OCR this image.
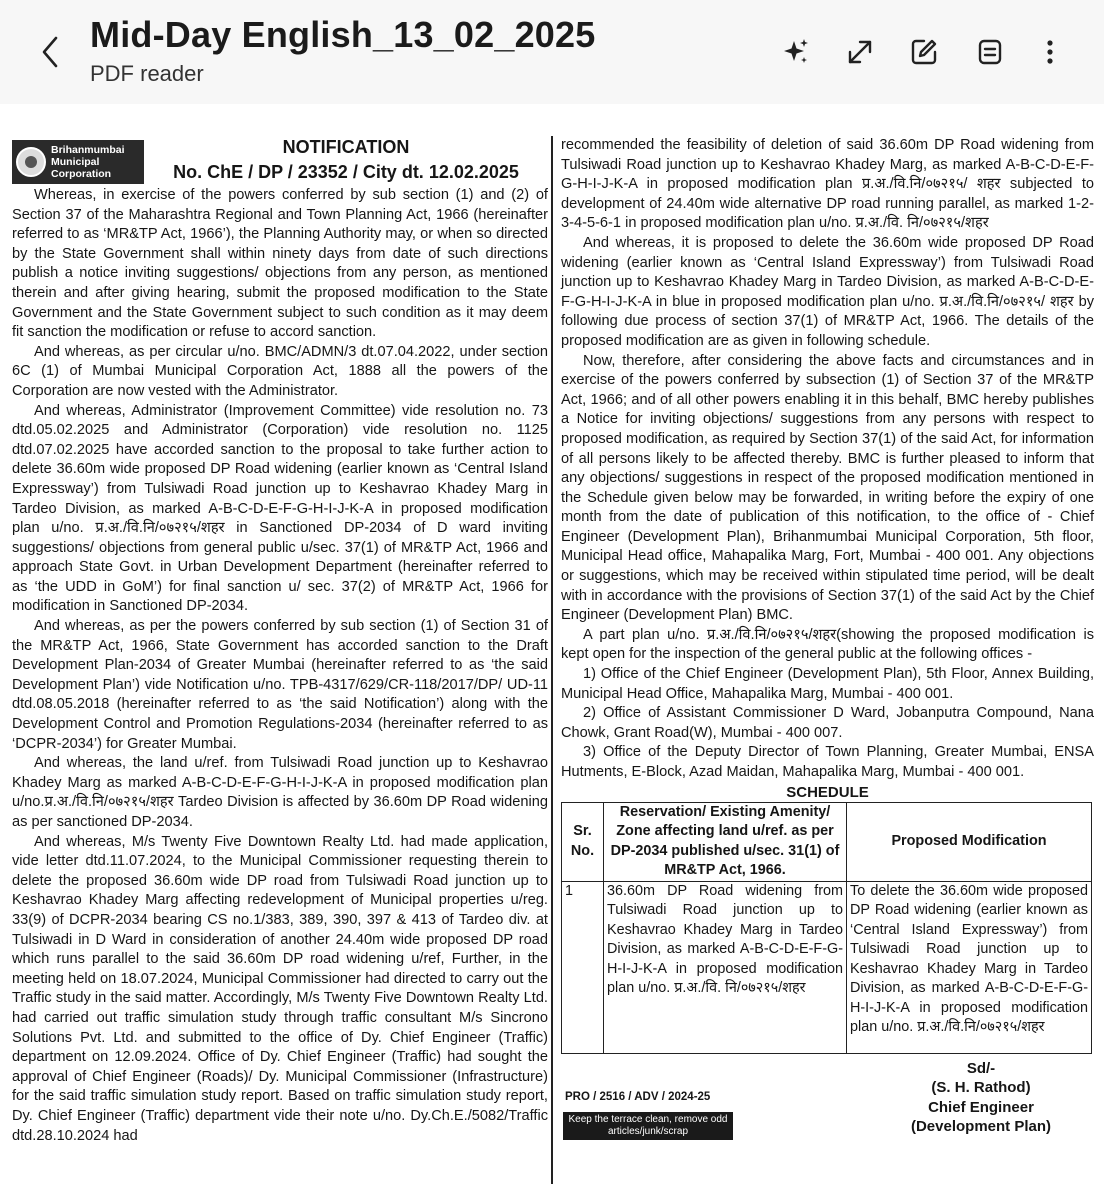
Mid-Day English_13_02_2025
PDF reader
Brihanmumbai
Municipal
Corporation
NOTIFICATION
No. ChE / DP / 23352 / City dt. 12.02.2025

Whereas, in exercise of the powers conferred by sub section (1) and (2) of Section 37 of the Maharashtra Regional and Town Planning Act, 1966 (hereinafter referred to as ‘MR&TP Act, 1966’), the Planning Authority may, or when so directed by the State Government shall within ninety days from date of such directions publish a notice inviting suggestions/ objections from any person, as mentioned therein and after giving hearing, submit the proposed modification to the State Government and the State Government subject to such condition as it may deem fit sanction the modification or refuse to accord sanction.

And whereas, as per circular u/no. BMC/ADMN/3 dt.07.04.2022, under section 6C (1) of Mumbai Municipal Corporation Act, 1888 all the powers of the Corporation are now vested with the Administrator.

And whereas, Administrator (Improvement Committee) vide resolution no. 73 dtd.05.02.2025 and Administrator (Corporation) vide resolution no. 1125 dtd.07.02.2025 have accorded sanction to the proposal to take further action to delete 36.60m wide proposed DP Road widening (earlier known as ‘Central Island Expressway’) from Tulsiwadi Road junction up to Keshavrao Khadey Marg in Tardeo Division, as marked A-B-C-D-E-F-G-H-I-J-K-A in proposed modification plan u/no. प्र.अ./वि.नि/०७२१५/शहर in Sanctioned DP-2034 of D ward inviting suggestions/ objections from general public u/sec. 37(1) of MR&TP Act, 1966 and approach State Govt. in Urban Development Department (hereinafter referred to as ‘the UDD in GoM’) for final sanction u/ sec. 37(2) of MR&TP Act, 1966 for modification in Sanctioned DP-2034.

And whereas, as per the powers conferred by sub section (1) of Section 31 of the MR&TP Act, 1966, State Government has accorded sanction to the Draft Development Plan-2034 of Greater Mumbai (hereinafter referred to as ‘the said Development Plan’) vide Notification u/no. TPB-4317/629/CR-118/2017/DP/ UD-11 dtd.08.05.2018 (hereinafter referred to as ‘the said Notification’) along with the Development Control and Promotion Regulations-2034 (hereinafter referred to as ‘DCPR-2034’) for Greater Mumbai.

And whereas, the land u/ref. from Tulsiwadi Road junction up to Keshavrao Khadey Marg as marked A-B-C-D-E-F-G-H-I-J-K-A in proposed modification plan u/no.प्र.अ./वि.नि/०७२१५/शहर Tardeo Division is affected by 36.60m DP Road widening as per sanctioned DP-2034.

And whereas, M/s Twenty Five Downtown Realty Ltd. had made application, vide letter dtd.11.07.2024, to the Municipal Commissioner requesting therein to delete the proposed 36.60m wide DP road from Tulsiwadi Road junction up to Keshavrao Khadey Marg affecting redevelopment of Municipal properties u/reg. 33(9) of DCPR-2034 bearing CS no.1/383, 389, 390, 397 & 413 of Tardeo div. at Tulsiwadi in D Ward in consideration of another 24.40m wide proposed DP road which runs parallel to the said 36.60m DP road widening u/ref, Further, in the meeting held on 18.07.2024, Municipal Commissioner had directed to carry out the Traffic study in the said matter. Accordingly, M/s Twenty Five Downtown Realty Ltd. had carried out traffic simulation study through traffic consultant M/s Sincrono Solutions Pvt. Ltd. and submitted to the office of Dy. Chief Engineer (Traffic) department on 12.09.2024. Office of Dy. Chief Engineer (Traffic) had sought the approval of Chief Engineer (Roads)/ Dy. Municipal Commissioner (Infrastructure) for the said traffic simulation study report. Based on traffic simulation study report, Dy. Chief Engineer (Traffic) department vide their note u/no. Dy.Ch.E./5082/Traffic dtd.28.10.2024 had

recommended the feasibility of deletion of said 36.60m DP Road widening from Tulsiwadi Road junction up to Keshavrao Khadey Marg, as marked A-B-C-D-E-F-G-H-I-J-K-A in proposed modification plan प्र.अ./वि.नि/०७२१५/ शहर subjected to development of 24.40m wide alternative DP road running parallel, as marked 1-2-3-4-5-6-1 in proposed modification plan u/no. प्र.अ./वि. नि/०७२१५/शहर

And whereas, it is proposed to delete the 36.60m wide proposed DP Road widening (earlier known as ‘Central Island Expressway’) from Tulsiwadi Road junction up to Keshavrao Khadey Marg in Tardeo Division, as marked A-B-C-D-E-F-G-H-I-J-K-A in blue in proposed modification plan u/no. प्र.अ./वि.नि/०७२१५/ शहर by following due process of section 37(1) of MR&TP Act, 1966. The details of the proposed modification are as given in following schedule.

Now, therefore, after considering the above facts and circumstances and in exercise of the powers conferred by subsection (1) of Section 37 of the MR&TP Act, 1966; and of all other powers enabling it in this behalf, BMC hereby publishes a Notice for inviting objections/ suggestions from any persons with respect to proposed modification, as required by Section 37(1) of the said Act, for information of all persons likely to be affected thereby. BMC is further pleased to inform that any objections/ suggestions in respect of the proposed modification mentioned in the Schedule given below may be forwarded, in writing before the expiry of one month from the date of publication of this notification, to the office of - Chief Engineer (Development Plan), Brihanmumbai Municipal Corporation, 5th floor, Municipal Head office, Mahapalika Marg, Fort, Mumbai - 400 001. Any objections or suggestions, which may be received within stipulated time period, will be dealt with in accordance with the provisions of Section 37(1) of the said Act by the Chief Engineer (Development Plan) BMC.

A part plan u/no. प्र.अ./वि.नि/०७२१५/शहर(showing the proposed modification is kept open for the inspection of the general public at the following offices -

1) Office of the Chief Engineer (Development Plan), 5th Floor, Annex Building, Municipal Head Office, Mahapalika Marg, Mumbai - 400 001.

2) Office of Assistant Commissioner D Ward, Jobanputra Compound, Nana Chowk, Grant Road(W), Mumbai - 400 007.

3) Office of the Deputy Director of Town Planning, Greater Mumbai, ENSA Hutments, E-Block, Azad Maidan, Mahapalika Marg, Mumbai - 400 001.

SCHEDULE
Sr. No.	Reservation/ Existing Amenity/ Zone affecting land u/ref. as per DP-2034 published u/sec. 31(1) of MR&TP Act, 1966.	Proposed Modification
1	36.60m DP Road widening from Tulsiwadi Road junction up to Keshavrao Khadey Marg in Tardeo Division, as marked A-B-C-D-E-F-G-H-I-J-K-A in proposed modification plan u/no. प्र.अ./वि. नि/०७२१५/शहर	To delete the 36.60m wide proposed DP Road widening (earlier known as ‘Central Island Expressway’) from Tulsiwadi Road junction up to Keshavrao Khadey Marg in Tardeo Division, as marked A-B-C-D-E-F-G-H-I-J-K-A in proposed modification plan u/no. प्र.अ./वि.नि/०७२१५/शहर
PRO / 2516 / ADV / 2024-25
Keep the terrace clean, remove odd articles/junk/scrap
Sd/-
(S. H. Rathod)
Chief Engineer
(Development Plan)
